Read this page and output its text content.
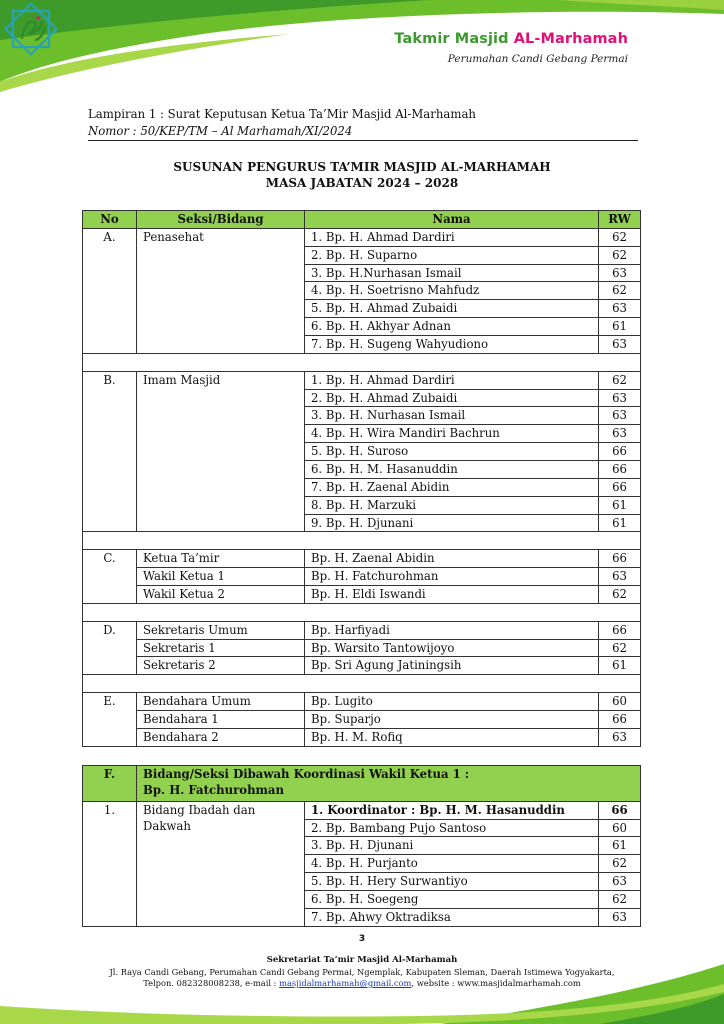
Takmir Masjid AL-Marhamah
Perumahan Candi Gebang Permai
Lampiran 1 : Surat Keputusan Ketua Ta’Mir Masjid Al-Marhamah
Nomor : 50/KEP/TM – Al Marhamah/XI/2024
SUSUNAN PENGURUS TA’MIR MASJID AL-MARHAMAH
MASA JABATAN 2024 – 2028
No	Seksi/Bidang	Nama	RW
A.	Penasehat	1. Bp. H. Ahmad Dardiri	62
		2. Bp. H. Suparno	62
		3. Bp. H.Nurhasan Ismail	63
		4. Bp. H. Soetrisno Mahfudz	62
		5. Bp. H. Ahmad Zubaidi	63
		6. Bp. H. Akhyar Adnan	61
		7. Bp. H. Sugeng Wahyudiono	63

B.	Imam Masjid	1. Bp. H. Ahmad Dardiri	62
		2. Bp. H. Ahmad Zubaidi	63
		3. Bp. H. Nurhasan Ismail	63
		4. Bp. H. Wira Mandiri Bachrun	63
		5. Bp. H. Suroso	66
		6. Bp. H. M. Hasanuddin	66
		7. Bp. H. Zaenal Abidin	66
		8. Bp. H. Marzuki	61
		9. Bp. H. Djunani	61

C.	Ketua Ta’mir	Bp. H. Zaenal Abidin	66
	Wakil Ketua 1	Bp. H. Fatchurohman	63
	Wakil Ketua 2	Bp. H. Eldi Iswandi	62

D.	Sekretaris Umum	Bp. Harfiyadi	66
	Sekretaris 1	Bp. Warsito Tantowijoyo	62
	Sekretaris 2	Bp. Sri Agung Jatiningsih	61

E.	Bendahara Umum	Bp. Lugito	60
	Bendahara 1	Bp. Suparjo	66
	Bendahara 2	Bp. H. M. Rofiq	63
F.	Bidang/Seksi Dibawah Koordinasi Wakil Ketua 1 :
Bp. H. Fatchurohman		

1.	Bidang Ibadah dan
Dakwah	1. Koordinator : Bp. H. M. Hasanuddin	66
		2. Bp. Bambang Pujo Santoso	60
		3. Bp. H. Djunani	61
		4. Bp. H. Purjanto	62
		5. Bp. H. Hery Surwantiyo	63
		6. Bp. H. Soegeng	62
		7. Bp. Ahwy Oktradiksa	63
3
Sekretariat Ta’mir Masjid Al-Marhamah
Jl. Raya Candi Gebang, Perumahan Candi Gebang Permai, Ngemplak, Kabupaten Sleman, Daerah Istimewa Yogyakarta,
Telpon. 082328008238, e-mail : masjidalmarhamah@gmail.com, website : www.masjidalmarhamah.com
